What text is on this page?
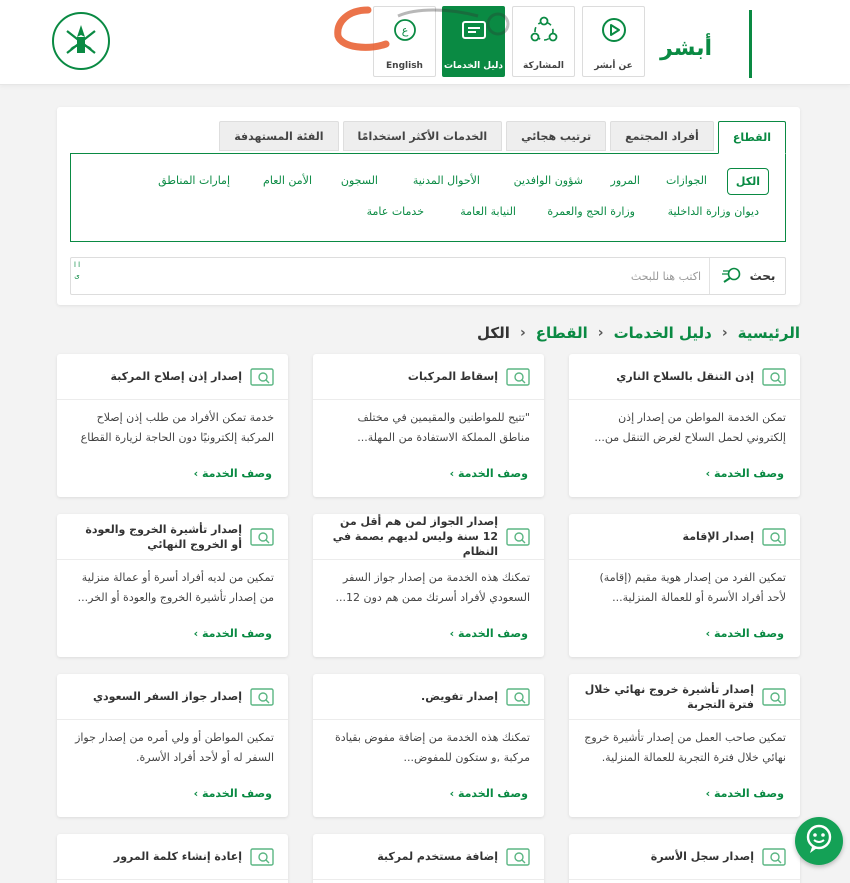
أبشر
عن أبشر
المشاركة
دليل الخدمات
ع
English
القطاع
أفراد المجتمع
ترتيب هجائي
الخدمات الأكثر استخدامًا
الفئة المستهدفة
الكل
الجوازات
المرور
شؤون الوافدين
الأحوال المدنية
السجون
الأمن العام
إمارات المناطق
ديوان وزارة الداخلية
وزارة الحج والعمرة
النيابة العامة
خدمات عامة
بحث
اكتب هنا للبحث
ا ا ى
الرئيسية
‹
دليل الخدمات
‹
القطاع
‹
الكل
إذن التنقل بالسلاح الناري
تمكن الخدمة المواطن من إصدار إذن إلكتروني لحمل السلاح لغرض التنقل من...
وصف الخدمة ›
إسقاط المركبات
"تتيح للمواطنين والمقيمين في مختلف مناطق المملكة الاستفادة من المهلة...
وصف الخدمة ›
إصدار إذن إصلاح المركبة
خدمة تمكن الأفراد من طلب إذن إصلاح المركبة إلكترونيًا دون الحاجة لزيارة القطاع
وصف الخدمة ›
إصدار الإقامة
تمكين الفرد من إصدار هوية مقيم (إقامة) لأحد أفراد الأسرة أو للعمالة المنزلية...
وصف الخدمة ›
إصدار الجواز لمن هم أقل من 12 سنة وليس لديهم بصمة في النظام
تمكنك هذه الخدمة من إصدار جواز السفر السعودي لأفراد أسرتك ممن هم دون 12...
وصف الخدمة ›
إصدار تأشيرة الخروج والعودة أو الخروج النهائي
تمكين من لديه أفراد أسرة أو عمالة منزلية من إصدار تأشيرة الخروج والعودة أو الخر...
وصف الخدمة ›
إصدار تأشيرة خروج نهائي خلال فترة التجربة
تمكين صاحب العمل من إصدار تأشيرة خروج نهائي خلال فترة التجربة للعمالة المنزلية.
وصف الخدمة ›
إصدار تفويض.
تمكنك هذه الخدمة من إضافة مفوض بقيادة مركبة ,و ستكون للمفوض...
وصف الخدمة ›
إصدار جواز السفر السعودي
تمكين المواطن أو ولي أمره من إصدار جواز السفر له أو لأحد أفراد الأسرة.
وصف الخدمة ›
إصدار سجل الأسرة
إضافة مستخدم لمركبة
إعادة إنشاء كلمة المرور
